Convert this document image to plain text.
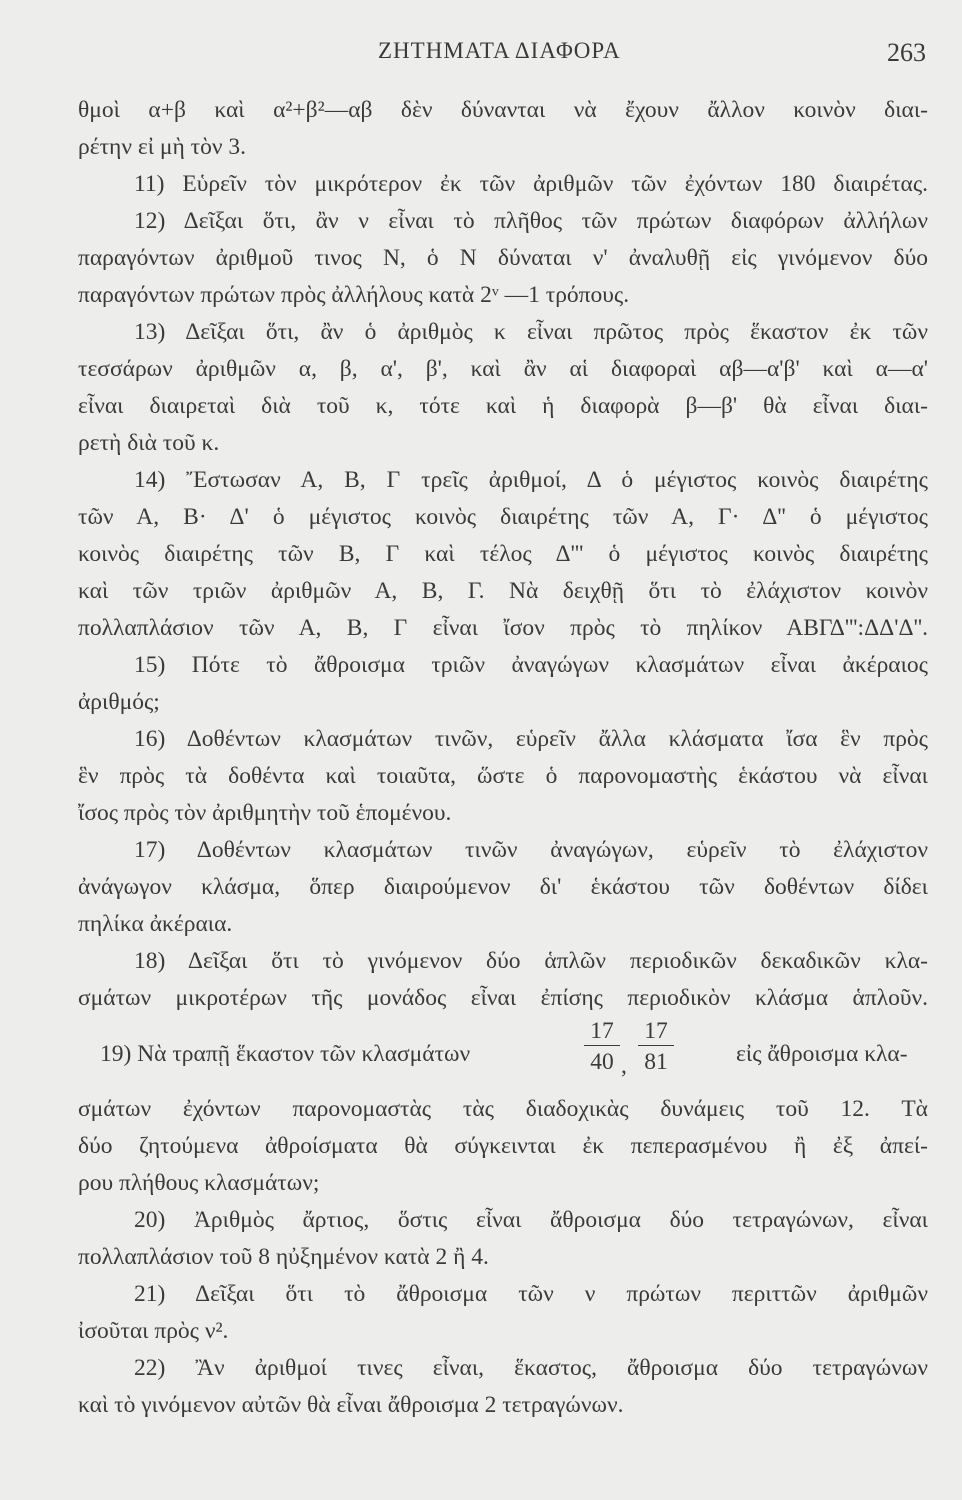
ΖΗΤΗΜΑΤΑ ΔΙΑΦΟΡΑ	263
θμοὶ α+β καὶ α²+β²—αβ δὲν δύνανται νὰ ἔχουν ἄλλον κοινὸν διαι-
ρέτην εἰ μὴ τὸν 3.
11) Εὑρεῖν τὸν μικρότερον ἐκ τῶν ἀριθμῶν τῶν ἐχόντων 180 διαιρέτας.
12) Δεῖξαι ὅτι, ἂν ν εἶναι τὸ πλῆθος τῶν πρώτων διαφόρων ἀλλήλων
παραγόντων ἀριθμοῦ τινος Ν, ὁ Ν δύναται ν' ἀναλυθῇ εἰς γινόμενον δύο
παραγόντων πρώτων πρὸς ἀλλήλους κατὰ 2ᵛ —1 τρόπους.
13) Δεῖξαι ὅτι, ἂν ὁ ἀριθμὸς κ εἶναι πρῶτος πρὸς ἕκαστον ἐκ τῶν
τεσσάρων ἀριθμῶν α, β, α', β', καὶ ἂν αἱ διαφοραὶ αβ—α'β' καὶ α—α'
εἶναι διαιρεταὶ διὰ τοῦ κ, τότε καὶ ἡ διαφορὰ β—β' θὰ εἶναι διαι-
ρετὴ διὰ τοῦ κ.
14) Ἔστωσαν Α, Β, Γ τρεῖς ἀριθμοί, Δ ὁ μέγιστος κοινὸς διαιρέτης
τῶν Α, Β· Δ' ὁ μέγιστος κοινὸς διαιρέτης τῶν Α, Γ· Δ'' ὁ μέγιστος
κοινὸς διαιρέτης τῶν Β, Γ καὶ τέλος Δ''' ὁ μέγιστος κοινὸς διαιρέτης
καὶ τῶν τριῶν ἀριθμῶν Α, Β, Γ. Νὰ δειχθῇ ὅτι τὸ ἐλάχιστον κοινὸν
πολλαπλάσιον τῶν Α, Β, Γ εἶναι ἴσον πρὸς τὸ πηλίκον ΑΒΓΔ''':ΔΔ'Δ''.
15) Πότε τὸ ἄθροισμα τριῶν ἀναγώγων κλασμάτων εἶναι ἀκέραιος
ἀριθμός;
16) Δοθέντων κλασμάτων τινῶν, εὑρεῖν ἄλλα κλάσματα ἴσα ἓν πρὸς
ἓν πρὸς τὰ δοθέντα καὶ τοιαῦτα, ὥστε ὁ παρονομαστὴς ἑκάστου νὰ εἶναι
ἴσος πρὸς τὸν ἀριθμητὴν τοῦ ἑπομένου.
17) Δοθέντων κλασμάτων τινῶν ἀναγώγων, εὑρεῖν τὸ ἐλάχιστον
ἀνάγωγον κλάσμα, ὅπερ διαιρούμενον δι' ἑκάστου τῶν δοθέντων δίδει
πηλίκα ἀκέραια.
18) Δεῖξαι ὅτι τὸ γινόμενον δύο ἁπλῶν περιοδικῶν δεκαδικῶν κλα-
σμάτων μικροτέρων τῆς μονάδος εἶναι ἐπίσης περιοδικὸν κλάσμα ἁπλοῦν.
19) Νὰ τραπῇ ἕκαστον τῶν κλασμάτων	$\frac{17}{40}$ , $\frac{17}{81}$	εἰς ἄθροισμα κλα-
σμάτων ἐχόντων παρονομαστὰς τὰς διαδοχικὰς δυνάμεις τοῦ 12. Τὰ
δύο ζητούμενα ἀθροίσματα θὰ σύγκεινται ἐκ πεπερασμένου ἢ ἐξ ἀπεί-
ρου πλήθους κλασμάτων;
20) Ἀριθμὸς ἄρτιος, ὅστις εἶναι ἄθροισμα δύο τετραγώνων, εἶναι
πολλαπλάσιον τοῦ 8 ηὐξημένον κατὰ 2 ἢ 4.
21) Δεῖξαι ὅτι τὸ ἄθροισμα τῶν ν πρώτων περιττῶν ἀριθμῶν
ἰσοῦται πρὸς ν².
22) Ἂν ἀριθμοί τινες εἶναι, ἕκαστος, ἄθροισμα δύο τετραγώνων
καὶ τὸ γινόμενον αὐτῶν θὰ εἶναι ἄθροισμα 2 τετραγώνων.
